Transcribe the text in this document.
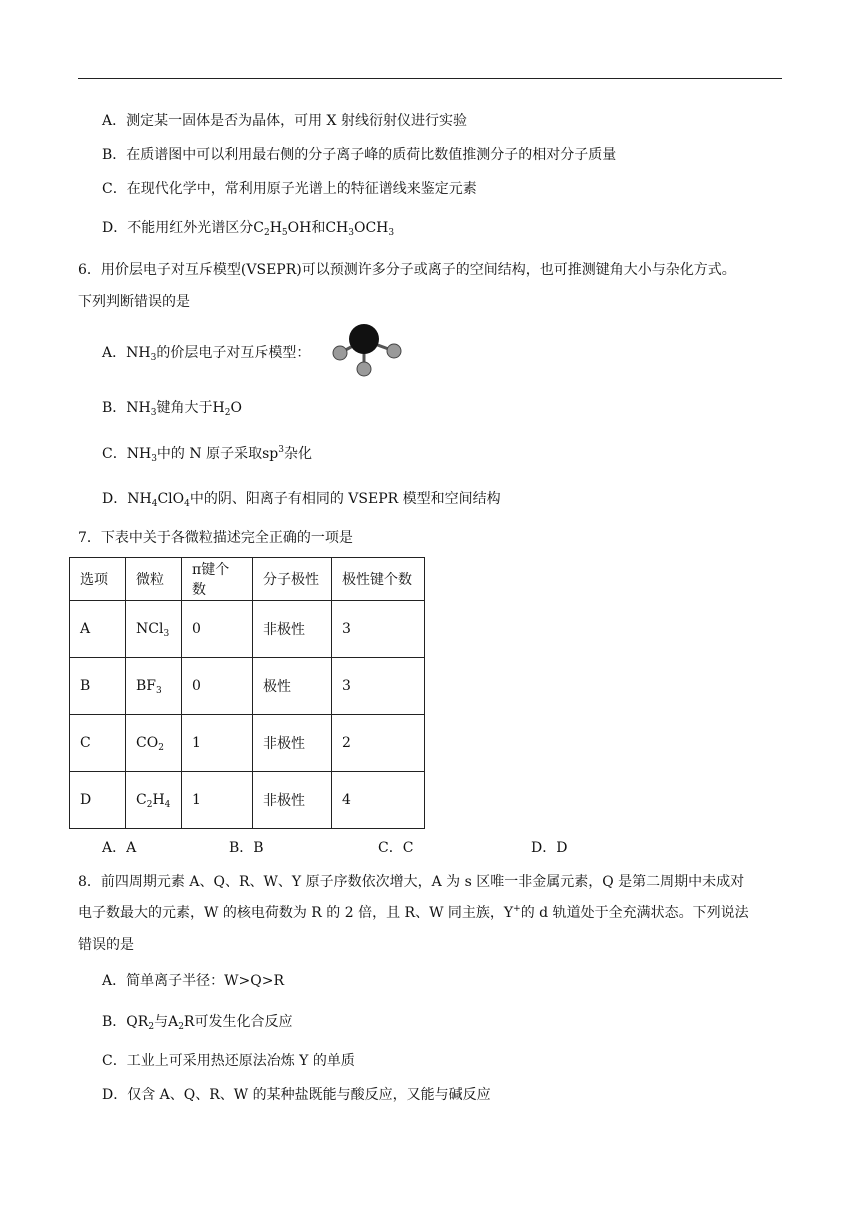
A．测定某一固体是否为晶体，可用 X 射线衍射仪进行实验
B．在质谱图中可以利用最右侧的分子离子峰的质荷比数值推测分子的相对分子质量
C．在现代化学中，常利用原子光谱上的特征谱线来鉴定元素
D．不能用红外光谱区分$C_2H_5OH$和$CH_3OCH_3$
6．用价层电子对互斥模型(VSEPR)可以预测许多分子或离子的空间结构，也可推测键角大小与杂化方式。
下列判断错误的是
A．$NH_3$的价层电子对互斥模型：
B．$NH_3$键角大于$H_2O$
C．$NH_3$中的 N 原子采取$sp^3$杂化
D．$NH_4ClO_4$中的阴、阳离子有相同的 VSEPR 模型和空间结构
7．下表中关于各微粒描述完全正确的一项是
选项	微粒	π键个数	分子极性	极性键个数
A	NCl$_3$	0	非极性	3
B	$BF_3$	0	极性	3
C	$CO_2$	1	非极性	2
D	$C_2H_4$	1	非极性	4
A．A	B．B	C．C	D．D
8．前四周期元素 A、Q、R、W、Y 原子序数依次增大，A 为 s 区唯一非金属元素，Q 是第二周期中未成对
电子数最大的元素，W 的核电荷数为 R 的 2 倍，且 R、W 同主族，Y+的 d 轨道处于全充满状态。下列说法
错误的是
A．简单离子半径：W>Q>R
B．$QR_2$与$A_2R$可发生化合反应
C．工业上可采用热还原法冶炼 Y 的单质
D．仅含 A、Q、R、W 的某种盐既能与酸反应，又能与碱反应
